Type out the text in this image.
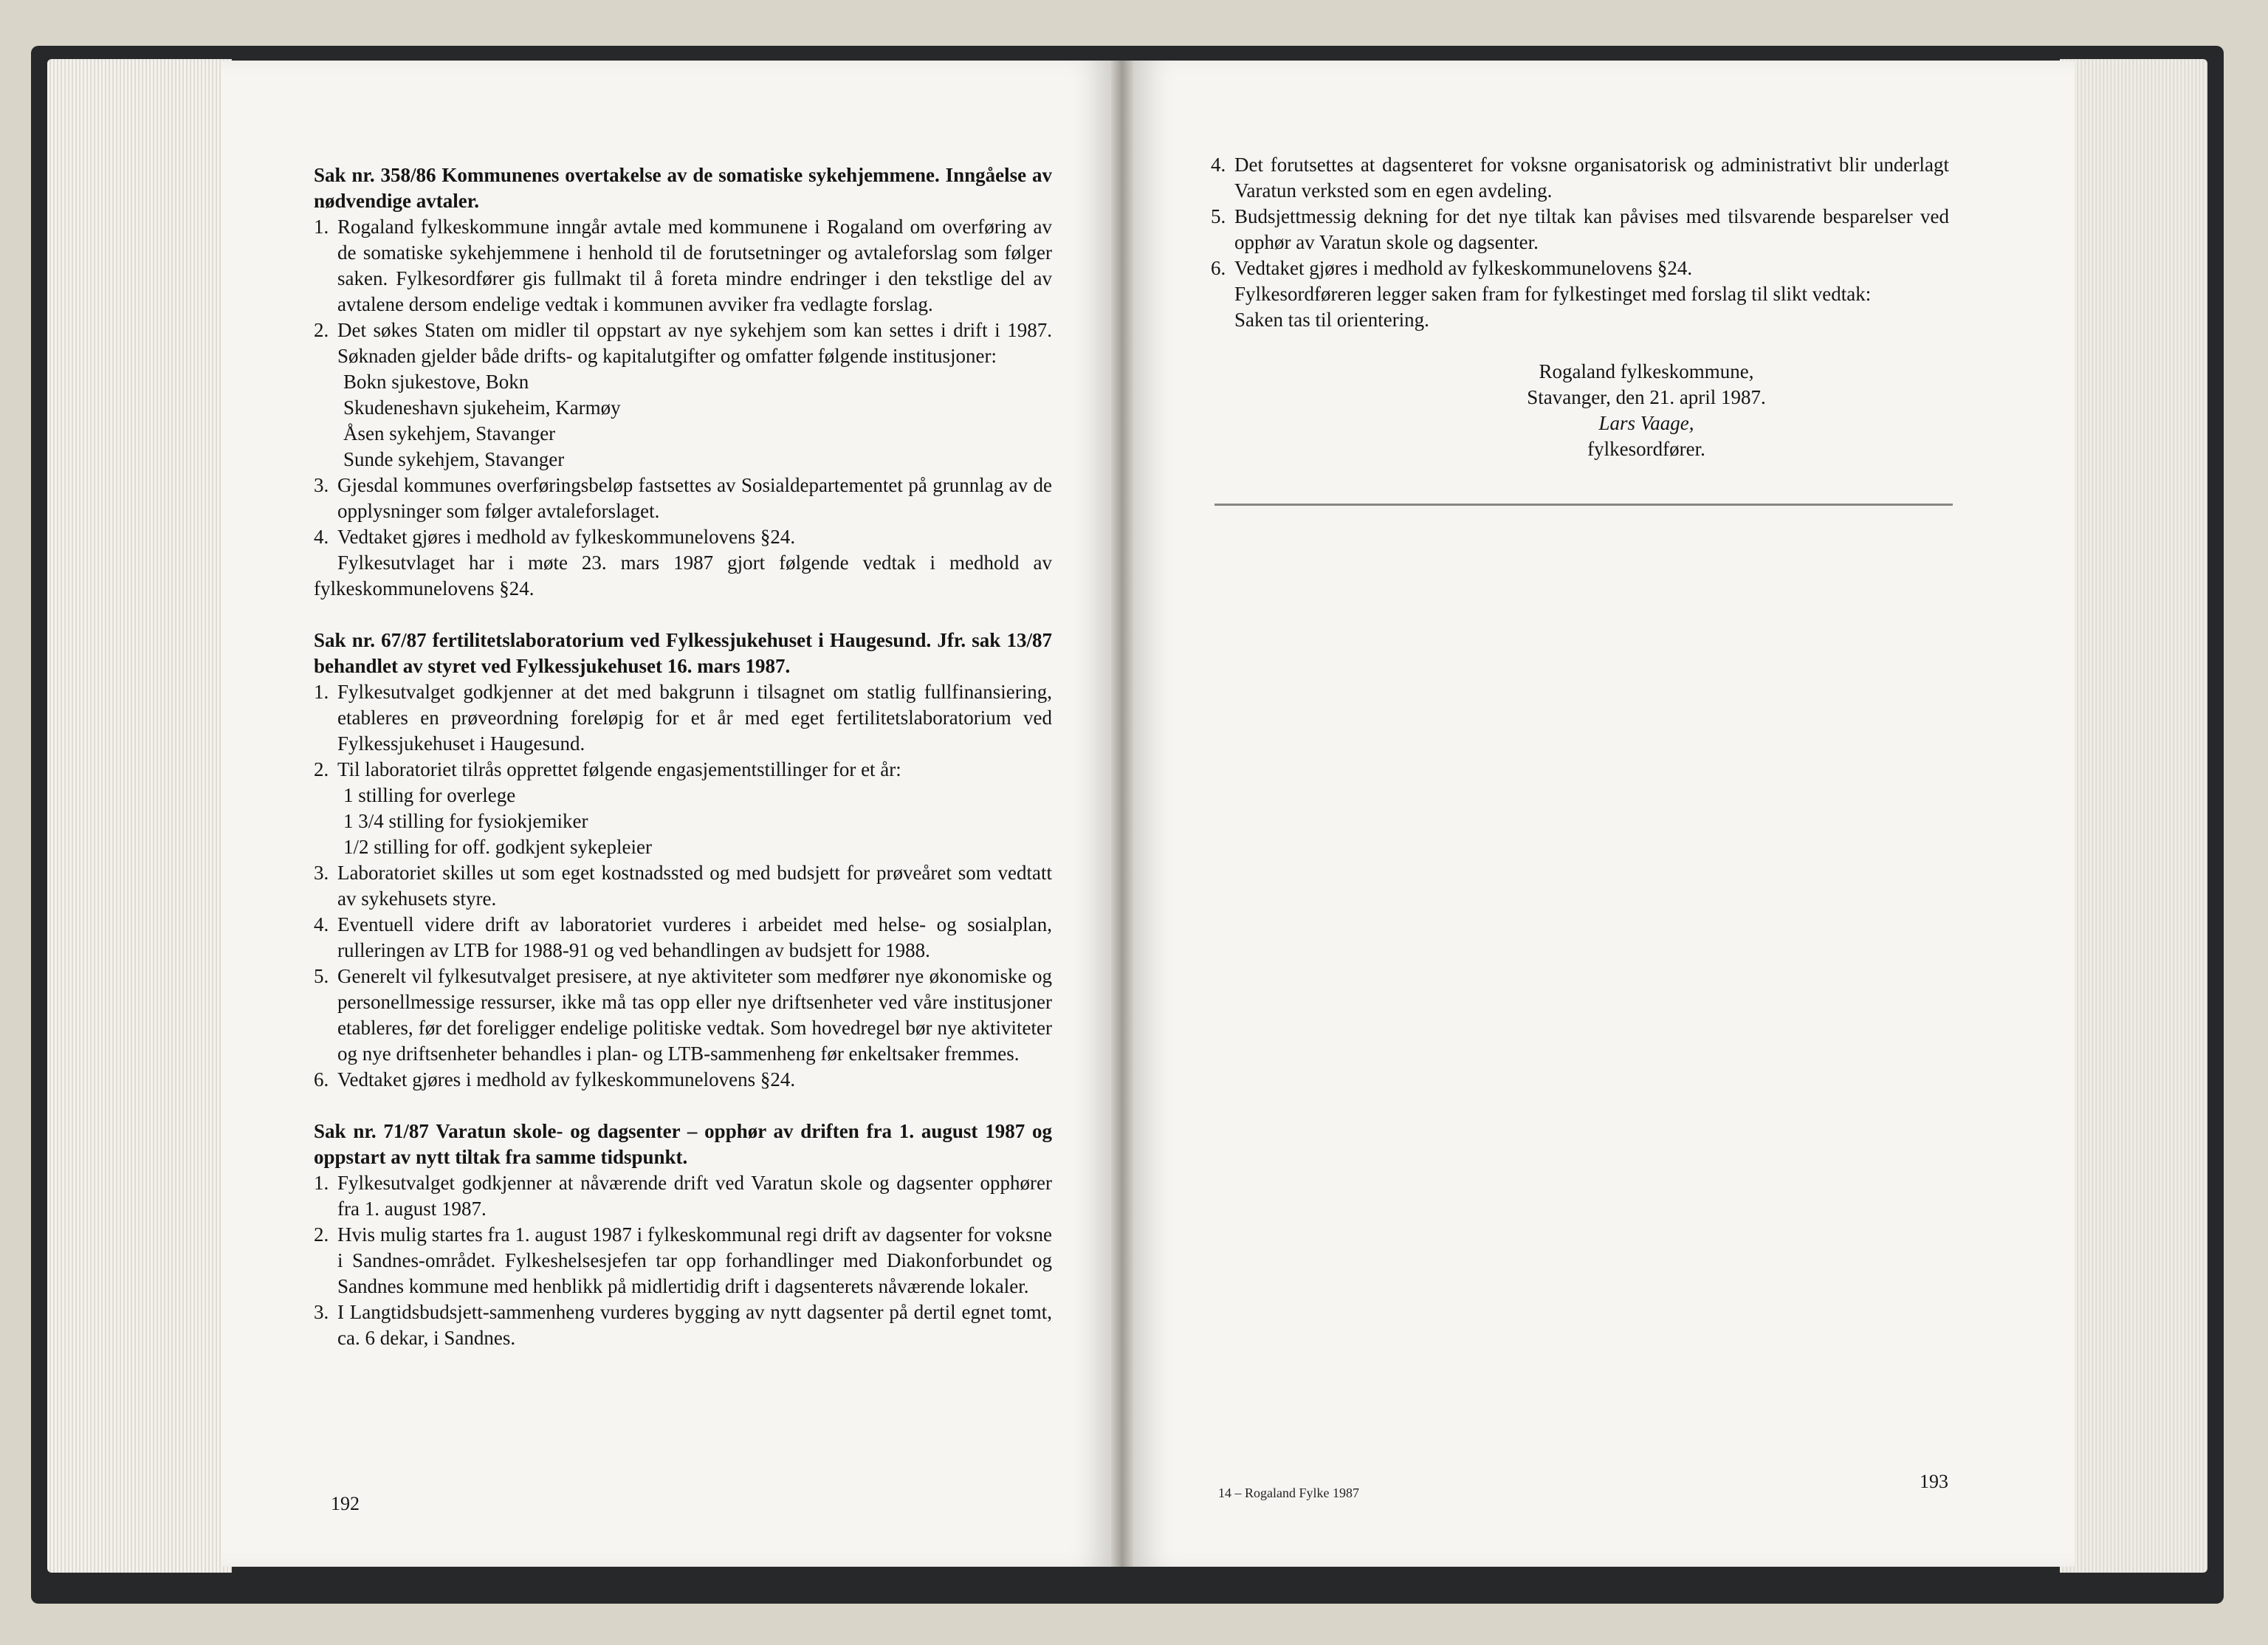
Sak nr. 358/86 Kommunenes overtakelse av de somatiske sykehjemmene. Inngåelse av nødvendige avtaler.

1. Rogaland fylkeskommune inngår avtale med kommunene i Rogaland om overføring av de somatiske sykehjemmene i henhold til de forutsetninger og avtaleforslag som følger saken. Fylkesordfører gis fullmakt til å foreta mindre endringer i den tekstlige del av avtalene dersom endelige vedtak i kommunen avviker fra vedlagte forslag.
2. Det søkes Staten om midler til oppstart av nye sykehjem som kan settes i drift i 1987. Søknaden gjelder både drifts- og kapitalutgifter og omfatter følgende institusjoner:

Bokn sjukestove, Bokn

Skudeneshavn sjukeheim, Karmøy

Åsen sykehjem, Stavanger

Sunde sykehjem, Stavanger

3. Gjesdal kommunes overføringsbeløp fastsettes av Sosialdepartementet på grunnlag av de opplysninger som følger avtaleforslaget.
4. Vedtaket gjøres i medhold av fylkeskommunelovens §24.

Fylkesutvlaget har i møte 23. mars 1987 gjort følgende vedtak i medhold av fylkeskommunelovens §24.

Sak nr. 67/87 fertilitetslaboratorium ved Fylkessjukehuset i Haugesund. Jfr. sak 13/87 behandlet av styret ved Fylkessjukehuset 16. mars 1987.

1. Fylkesutvalget godkjenner at det med bakgrunn i tilsagnet om statlig fullfinansiering, etableres en prøveordning foreløpig for et år med eget fertilitetslaboratorium ved Fylkessjukehuset i Haugesund.
2. Til laboratoriet tilrås opprettet følgende engasjementstillinger for et år:

1 stilling for overlege

1 3/4 stilling for fysiokjemiker

1/2 stilling for off. godkjent sykepleier

3. Laboratoriet skilles ut som eget kostnadssted og med budsjett for prøveåret som vedtatt av sykehusets styre.
4. Eventuell videre drift av laboratoriet vurderes i arbeidet med helse- og sosialplan, rulleringen av LTB for 1988-91 og ved behandlingen av budsjett for 1988.
5. Generelt vil fylkesutvalget presisere, at nye aktiviteter som medfører nye økonomiske og personellmessige ressurser, ikke må tas opp eller nye driftsenheter ved våre institusjoner etableres, før det foreligger endelige politiske vedtak. Som hovedregel bør nye aktiviteter og nye driftsenheter behandles i plan- og LTB-sammenheng før enkeltsaker fremmes.
6. Vedtaket gjøres i medhold av fylkeskommunelovens §24.

Sak nr. 71/87 Varatun skole- og dagsenter – opphør av driften fra 1. august 1987 og oppstart av nytt tiltak fra samme tidspunkt.

1. Fylkesutvalget godkjenner at nåværende drift ved Varatun skole og dagsenter opphører fra 1. august 1987.
2. Hvis mulig startes fra 1. august 1987 i fylkeskommunal regi drift av dagsenter for voksne i Sandnes-området. Fylkeshelsesjefen tar opp forhandlinger med Diakonforbundet og Sandnes kommune med henblikk på midlertidig drift i dagsenterets nåværende lokaler.
3. I Langtidsbudsjett-sammenheng vurderes bygging av nytt dagsenter på dertil egnet tomt, ca. 6 dekar, i Sandnes.
192
4. Det forutsettes at dagsenteret for voksne organisatorisk og administrativt blir underlagt Varatun verksted som en egen avdeling.
5. Budsjettmessig dekning for det nye tiltak kan påvises med tilsvarende besparelser ved opphør av Varatun skole og dagsenter.
6. Vedtaket gjøres i medhold av fylkeskommunelovens §24.

Fylkesordføreren legger saken fram for fylkestinget med forslag til slikt vedtak:

Saken tas til orientering.

Rogaland fylkeskommune,
Stavanger, den 21. april 1987.
Lars Vaage,
fylkesordfører.
14 – Rogaland Fylke 1987
193
